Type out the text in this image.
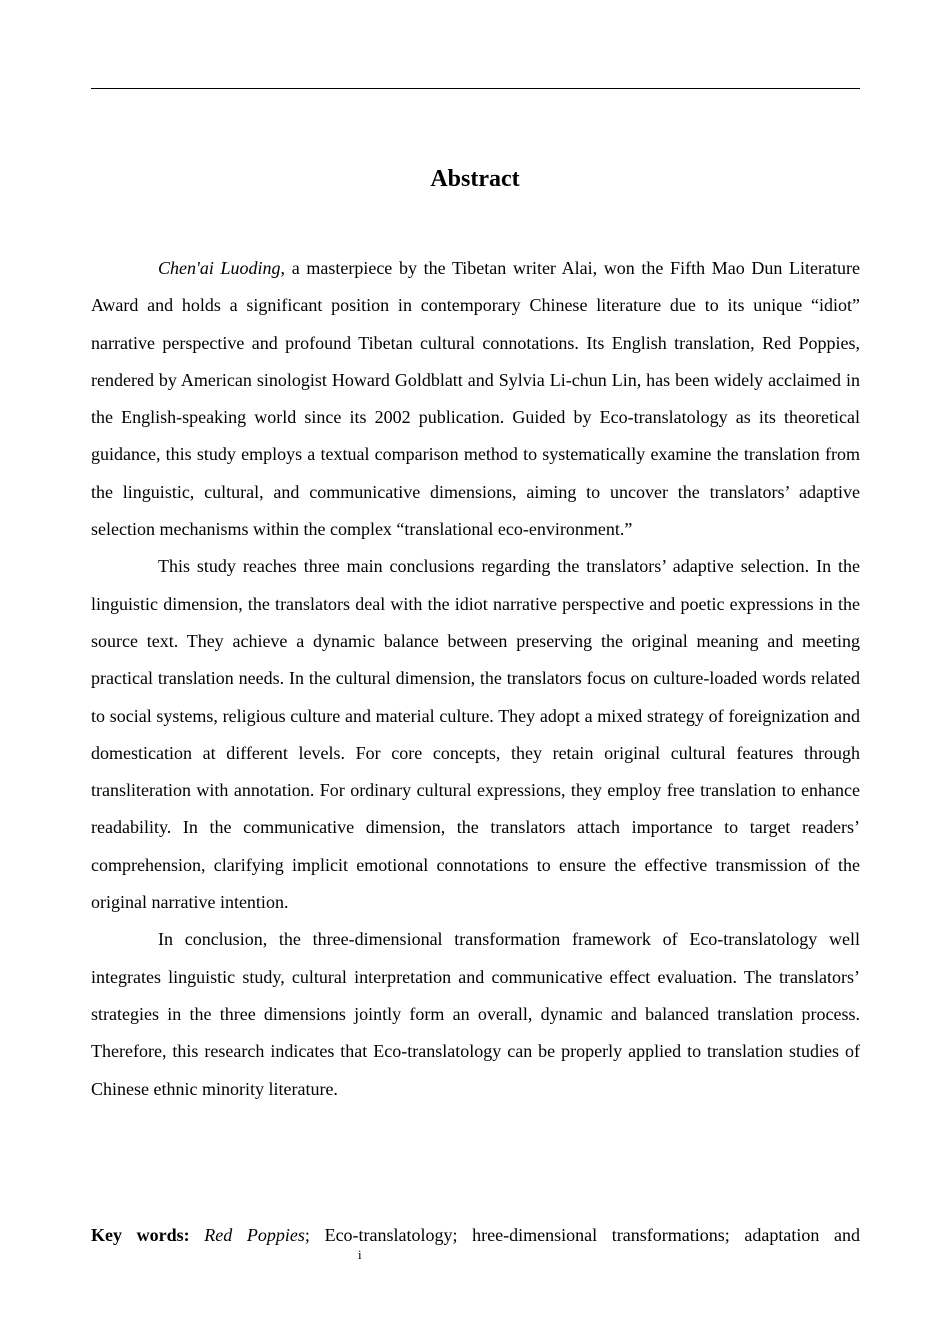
Abstract

Chen'ai Luoding, a masterpiece by the Tibetan writer Alai, won the Fifth Mao Dun Literature Award and holds a significant position in contemporary Chinese literature due to its unique “idiot” narrative perspective and profound Tibetan cultural connotations. Its English translation, Red Poppies, rendered by American sinologist Howard Goldblatt and Sylvia Li-chun Lin, has been widely acclaimed in the English-speaking world since its 2002 publication. Guided by Eco-translatology as its theoretical guidance, this study employs a textual comparison method to systematically examine the translation from the linguistic, cultural, and communicative dimensions, aiming to uncover the translators’ adaptive selection mechanisms within the complex “translational eco-environment.”

This study reaches three main conclusions regarding the translators’ adaptive selection. In the linguistic dimension, the translators deal with the idiot narrative perspective and poetic expressions in the source text. They achieve a dynamic balance between preserving the original meaning and meeting practical translation needs. In the cultural dimension, the translators focus on culture-loaded words related to social systems, religious culture and material culture. They adopt a mixed strategy of foreignization and domestication at different levels. For core concepts, they retain original cultural features through transliteration with annotation. For ordinary cultural expressions, they employ free translation to enhance readability. In the communicative dimension, the translators attach importance to target readers’ comprehension, clarifying implicit emotional connotations to ensure the effective transmission of the original narrative intention.

In conclusion, the three-dimensional transformation framework of Eco-translatology well integrates linguistic study, cultural interpretation and communicative effect evaluation. The translators’ strategies in the three dimensions jointly form an overall, dynamic and balanced translation process. Therefore, this research indicates that Eco-translatology can be properly applied to translation studies of Chinese ethnic minority literature.

Key words: Red Poppies; Eco-translatology; hree-dimensional transformations; adaptation and
i
